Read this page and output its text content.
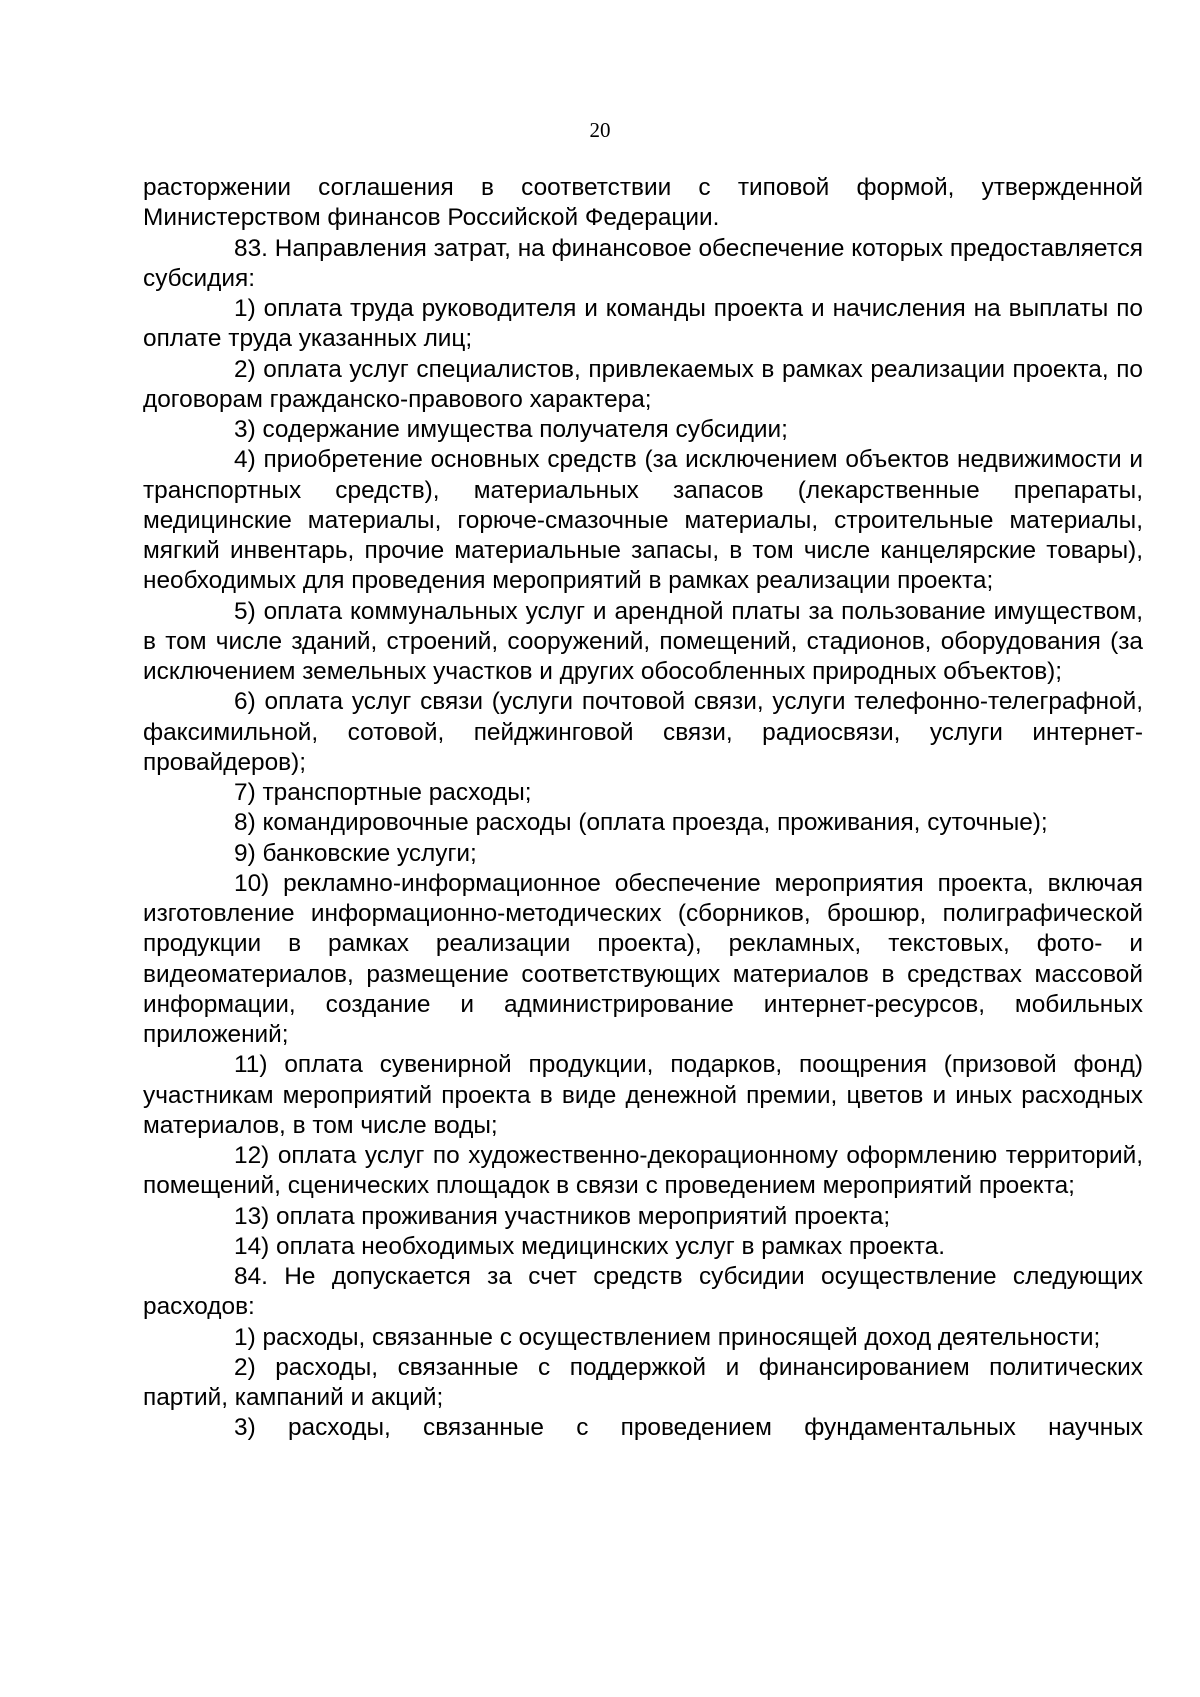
20

расторжении соглашения в соответствии с типовой формой, утвержденной Министерством финансов Российской Федерации.

83. Направления затрат, на финансовое обеспечение которых предоставляется субсидия:

1) оплата труда руководителя и команды проекта и начисления на выплаты по оплате труда указанных лиц;

2) оплата услуг специалистов, привлекаемых в рамках реализации проекта, по договорам гражданско-правового характера;

3) содержание имущества получателя субсидии;

4) приобретение основных средств (за исключением объектов недвижимости и транспортных средств), материальных запасов (лекарственные препараты, медицинские материалы, горюче-смазочные материалы, строительные материалы, мягкий инвентарь, прочие материальные запасы, в том числе канцелярские товары), необходимых для проведения мероприятий в рамках реализации проекта;

5) оплата коммунальных услуг и арендной платы за пользование имуществом, в том числе зданий, строений, сооружений, помещений, стадионов, оборудования (за исключением земельных участков и других обособленных природных объектов);

6) оплата услуг связи (услуги почтовой связи, услуги телефонно-телеграфной, факсимильной, сотовой, пейджинговой связи, радиосвязи, услуги интернет-провайдеров);

7) транспортные расходы;

8) командировочные расходы (оплата проезда, проживания, суточные);

9) банковские услуги;

10) рекламно-информационное обеспечение мероприятия проекта, включая изготовление информационно-методических (сборников, брошюр, полиграфической продукции в рамках реализации проекта), рекламных, текстовых, фото- и видеоматериалов, размещение соответствующих материалов в средствах массовой информации, создание и администрирование интернет-ресурсов, мобильных приложений;

11) оплата сувенирной продукции, подарков, поощрения (призовой фонд) участникам мероприятий проекта в виде денежной премии, цветов и иных расходных материалов, в том числе воды;

12) оплата услуг по художественно-декорационному оформлению территорий, помещений, сценических площадок в связи с проведением мероприятий проекта;

13) оплата проживания участников мероприятий проекта;

14) оплата необходимых медицинских услуг в рамках проекта.

84. Не допускается за счет средств субсидии осуществление следующих расходов:

1) расходы, связанные с осуществлением приносящей доход деятельности;

2) расходы, связанные с поддержкой и финансированием политических партий, кампаний и акций;

3) расходы, связанные с проведением фундаментальных научных
